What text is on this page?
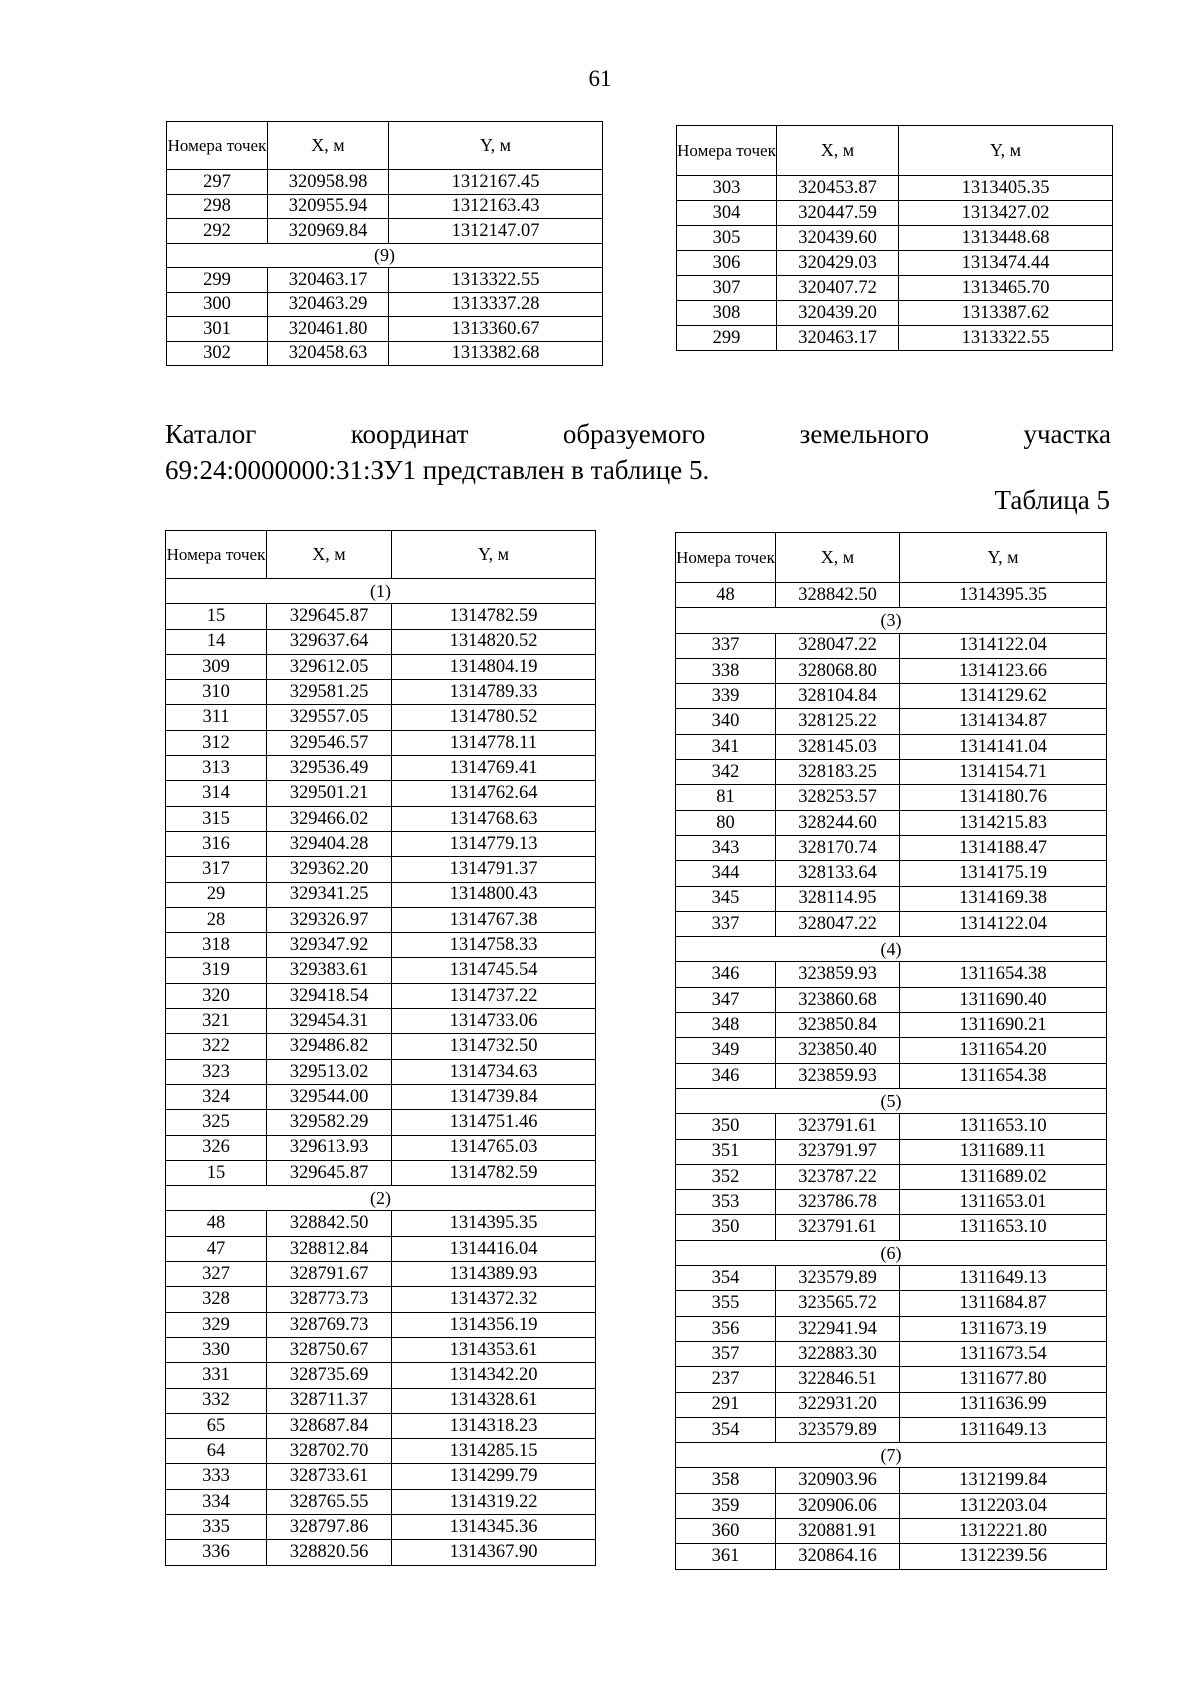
61
Номера точек	X, м	Y, м
297	320958.98	1312167.45
298	320955.94	1312163.43
292	320969.84	1312147.07
(9)		
299	320463.17	1313322.55
300	320463.29	1313337.28
301	320461.80	1313360.67
302	320458.63	1313382.68
Номера точек	X, м	Y, м
303	320453.87	1313405.35
304	320447.59	1313427.02
305	320439.60	1313448.68
306	320429.03	1313474.44
307	320407.72	1313465.70
308	320439.20	1313387.62
299	320463.17	1313322.55
Каталог	координат	образуемого	земельного	участка
69:24:0000000:31:ЗУ1 представлен в таблице 5.
Таблица 5
Номера точек	X, м	Y, м
(1)		
15	329645.87	1314782.59
14	329637.64	1314820.52
309	329612.05	1314804.19
310	329581.25	1314789.33
311	329557.05	1314780.52
312	329546.57	1314778.11
313	329536.49	1314769.41
314	329501.21	1314762.64
315	329466.02	1314768.63
316	329404.28	1314779.13
317	329362.20	1314791.37
29	329341.25	1314800.43
28	329326.97	1314767.38
318	329347.92	1314758.33
319	329383.61	1314745.54
320	329418.54	1314737.22
321	329454.31	1314733.06
322	329486.82	1314732.50
323	329513.02	1314734.63
324	329544.00	1314739.84
325	329582.29	1314751.46
326	329613.93	1314765.03
15	329645.87	1314782.59
(2)		
48	328842.50	1314395.35
47	328812.84	1314416.04
327	328791.67	1314389.93
328	328773.73	1314372.32
329	328769.73	1314356.19
330	328750.67	1314353.61
331	328735.69	1314342.20
332	328711.37	1314328.61
65	328687.84	1314318.23
64	328702.70	1314285.15
333	328733.61	1314299.79
334	328765.55	1314319.22
335	328797.86	1314345.36
336	328820.56	1314367.90
Номера точек	X, м	Y, м
48	328842.50	1314395.35
(3)		
337	328047.22	1314122.04
338	328068.80	1314123.66
339	328104.84	1314129.62
340	328125.22	1314134.87
341	328145.03	1314141.04
342	328183.25	1314154.71
81	328253.57	1314180.76
80	328244.60	1314215.83
343	328170.74	1314188.47
344	328133.64	1314175.19
345	328114.95	1314169.38
337	328047.22	1314122.04
(4)		
346	323859.93	1311654.38
347	323860.68	1311690.40
348	323850.84	1311690.21
349	323850.40	1311654.20
346	323859.93	1311654.38
(5)		
350	323791.61	1311653.10
351	323791.97	1311689.11
352	323787.22	1311689.02
353	323786.78	1311653.01
350	323791.61	1311653.10
(6)		
354	323579.89	1311649.13
355	323565.72	1311684.87
356	322941.94	1311673.19
357	322883.30	1311673.54
237	322846.51	1311677.80
291	322931.20	1311636.99
354	323579.89	1311649.13
(7)		
358	320903.96	1312199.84
359	320906.06	1312203.04
360	320881.91	1312221.80
361	320864.16	1312239.56
